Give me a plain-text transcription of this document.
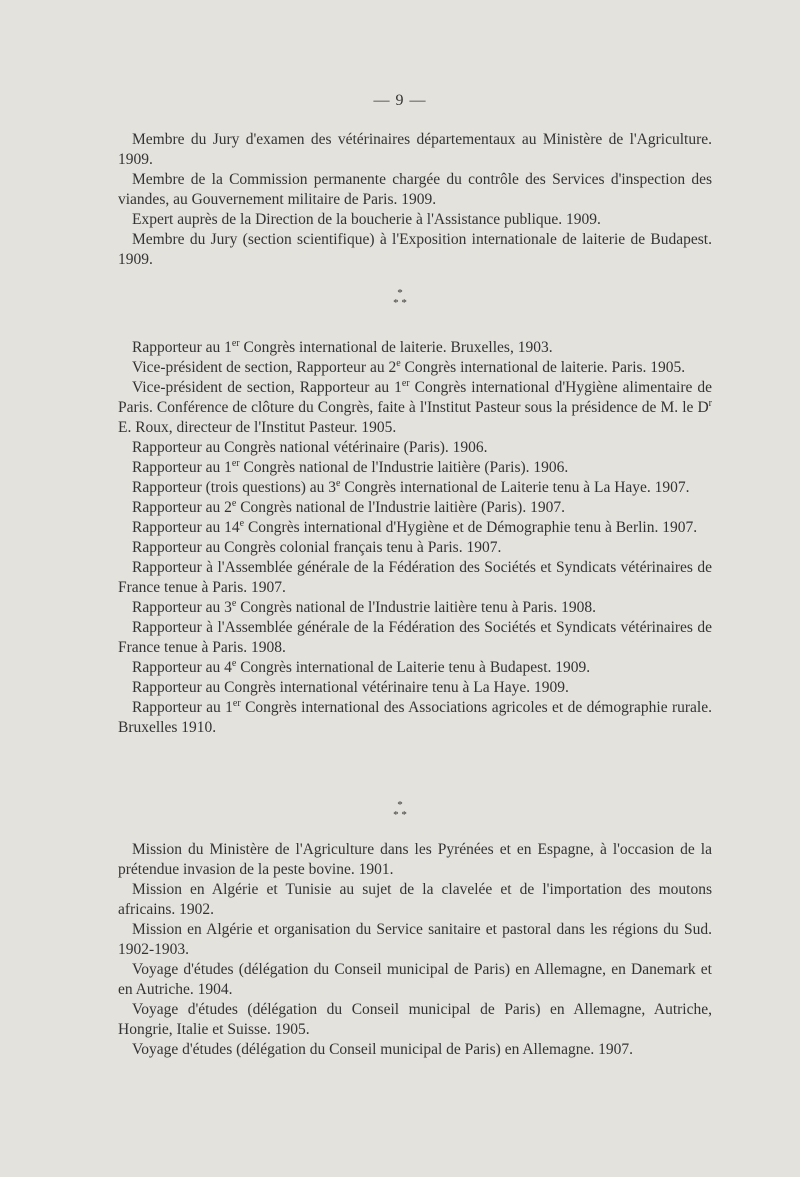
— 9 —

Membre du Jury d'examen des vétérinaires départementaux au Ministère de l'Agriculture. 1909.

Membre de la Commission permanente chargée du contrôle des Services d'inspection des viandes, au Gouvernement militaire de Paris. 1909.

Expert auprès de la Direction de la boucherie à l'Assistance publique. 1909.

Membre du Jury (section scientifique) à l'Exposition internationale de laiterie de Budapest. 1909.

*
* *

Rapporteur au 1er Congrès international de laiterie. Bruxelles, 1903.

Vice-président de section, Rapporteur au 2e Congrès international de laiterie. Paris. 1905.

Vice-président de section, Rapporteur au 1er Congrès international d'Hygiène alimentaire de Paris. Conférence de clôture du Congrès, faite à l'Institut Pasteur sous la présidence de M. le $D^r$ E. Roux, directeur de l'Institut Pasteur. 1905.

Rapporteur au Congrès national vétérinaire (Paris). 1906.

Rapporteur au 1er Congrès national de l'Industrie laitière (Paris). 1906.

Rapporteur (trois questions) au 3e Congrès international de Laiterie tenu à La Haye. 1907.

Rapporteur au 2e Congrès national de l'Industrie laitière (Paris). 1907.

Rapporteur au 14e Congrès international d'Hygiène et de Démographie tenu à Berlin. 1907.

Rapporteur au Congrès colonial français tenu à Paris. 1907.

Rapporteur à l'Assemblée générale de la Fédération des Sociétés et Syndicats vétérinaires de France tenue à Paris. 1907.

Rapporteur au 3e Congrès national de l'Industrie laitière tenu à Paris. 1908.

Rapporteur à l'Assemblée générale de la Fédération des Sociétés et Syndicats vétérinaires de France tenue à Paris. 1908.

Rapporteur au 4e Congrès international de Laiterie tenu à Budapest. 1909.

Rapporteur au Congrès international vétérinaire tenu à La Haye. 1909.

Rapporteur au 1er Congrès international des Associations agricoles et de démographie rurale. Bruxelles 1910.

*
* *

Mission du Ministère de l'Agriculture dans les Pyrénées et en Espagne, à l'occasion de la prétendue invasion de la peste bovine. 1901.

Mission en Algérie et Tunisie au sujet de la clavelée et de l'importation des moutons africains. 1902.

Mission en Algérie et organisation du Service sanitaire et pastoral dans les régions du Sud. 1902-1903.

Voyage d'études (délégation du Conseil municipal de Paris) en Allemagne, en Danemark et en Autriche. 1904.

Voyage d'études (délégation du Conseil municipal de Paris) en Allemagne, Autriche, Hongrie, Italie et Suisse. 1905.

Voyage d'études (délégation du Conseil municipal de Paris) en Allemagne. 1907.
